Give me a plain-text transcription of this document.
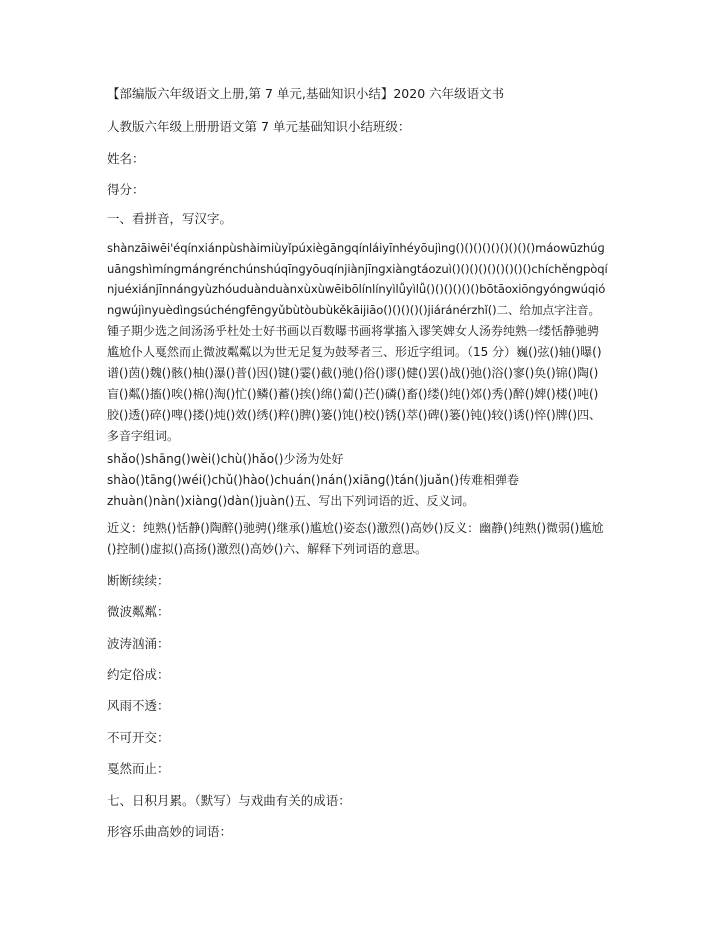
【部编版六年级语文上册,第 7 单元,基础知识小结】2020 六年级语文书
人教版六年级上册册语文第 7 单元基础知识小结班级：
姓名：
得分：
一、看拼音，写汉字。
shànzāiwēi'éqínxiánpùshàimiùyǐpúxièɡānɡqínláiyīnhéyōujìnɡ()()()()()()()()()máowūzhúɡuānɡshìmínɡmánɡrénchúnshúqīnɡyōuqínjiànjīnɡxiànɡtáozuì()()()()()()()()()chíchěnɡpòqínjuéxiánjīnnánɡyùzhóuduànduànxùxùwēibōlínlínyìlǚyìlǚ()()()()()()bōtāoxiōnɡyónɡwúqiónɡwújìnyuèdìnɡsúchénɡfēnɡyǔbùtòubùkěkāijiāo()()()()()jiáránérzhǐ()二、给加点字注音。
锺子期少选之间汤汤乎杜处士好书画以百数曝书画将掌搐入谬笑婢女人汤券纯熟一缕恬静驰骋尴尬仆人戛然而止微波粼粼以为世无足复为鼓琴者三、形近字组词。（15 分）巍()弦()轴()曝()谱()茵()魏()骸()柚()瀑()普()因()键()霎()截()驰()俗()谬()健()罢()战()弛()浴()寥()奂()锦()陶()盲()粼()搐()唉()棉()淘()忙()鳞()蓄()挨()绵()蔔()芒()磷()畜()缕()纯()郊()秀()醉()婢()楼()吨()胶()透()碎()啤()搂()炖()效()绣()粹()脾()篓()饨()校()锈()萃()碑()篓()钝()较()诱()悴()牌()四、多音字组词。
shǎo()shānɡ()wèi()chù()hǎo()少汤为处好
shào()tānɡ()wéi()chǔ()hào()chuán()nán()xiānɡ()tán()juǎn()传难相弹卷
zhuàn()nàn()xiànɡ()dàn()juàn()五、写出下列词语的近、反义词。
近义：纯熟()恬静()陶醉()驰骋()继承()尴尬()姿态()激烈()高妙()反义：幽静()纯熟()微弱()尴尬()控制()虚拟()高扬()激烈()高妙()六、解释下列词语的意思。
断断续续：
微波粼粼：
波涛汹涌：
约定俗成：
风雨不透：
不可开交：
戛然而止：
七、日积月累。（默写）与戏曲有关的成语：
形容乐曲高妙的词语：
